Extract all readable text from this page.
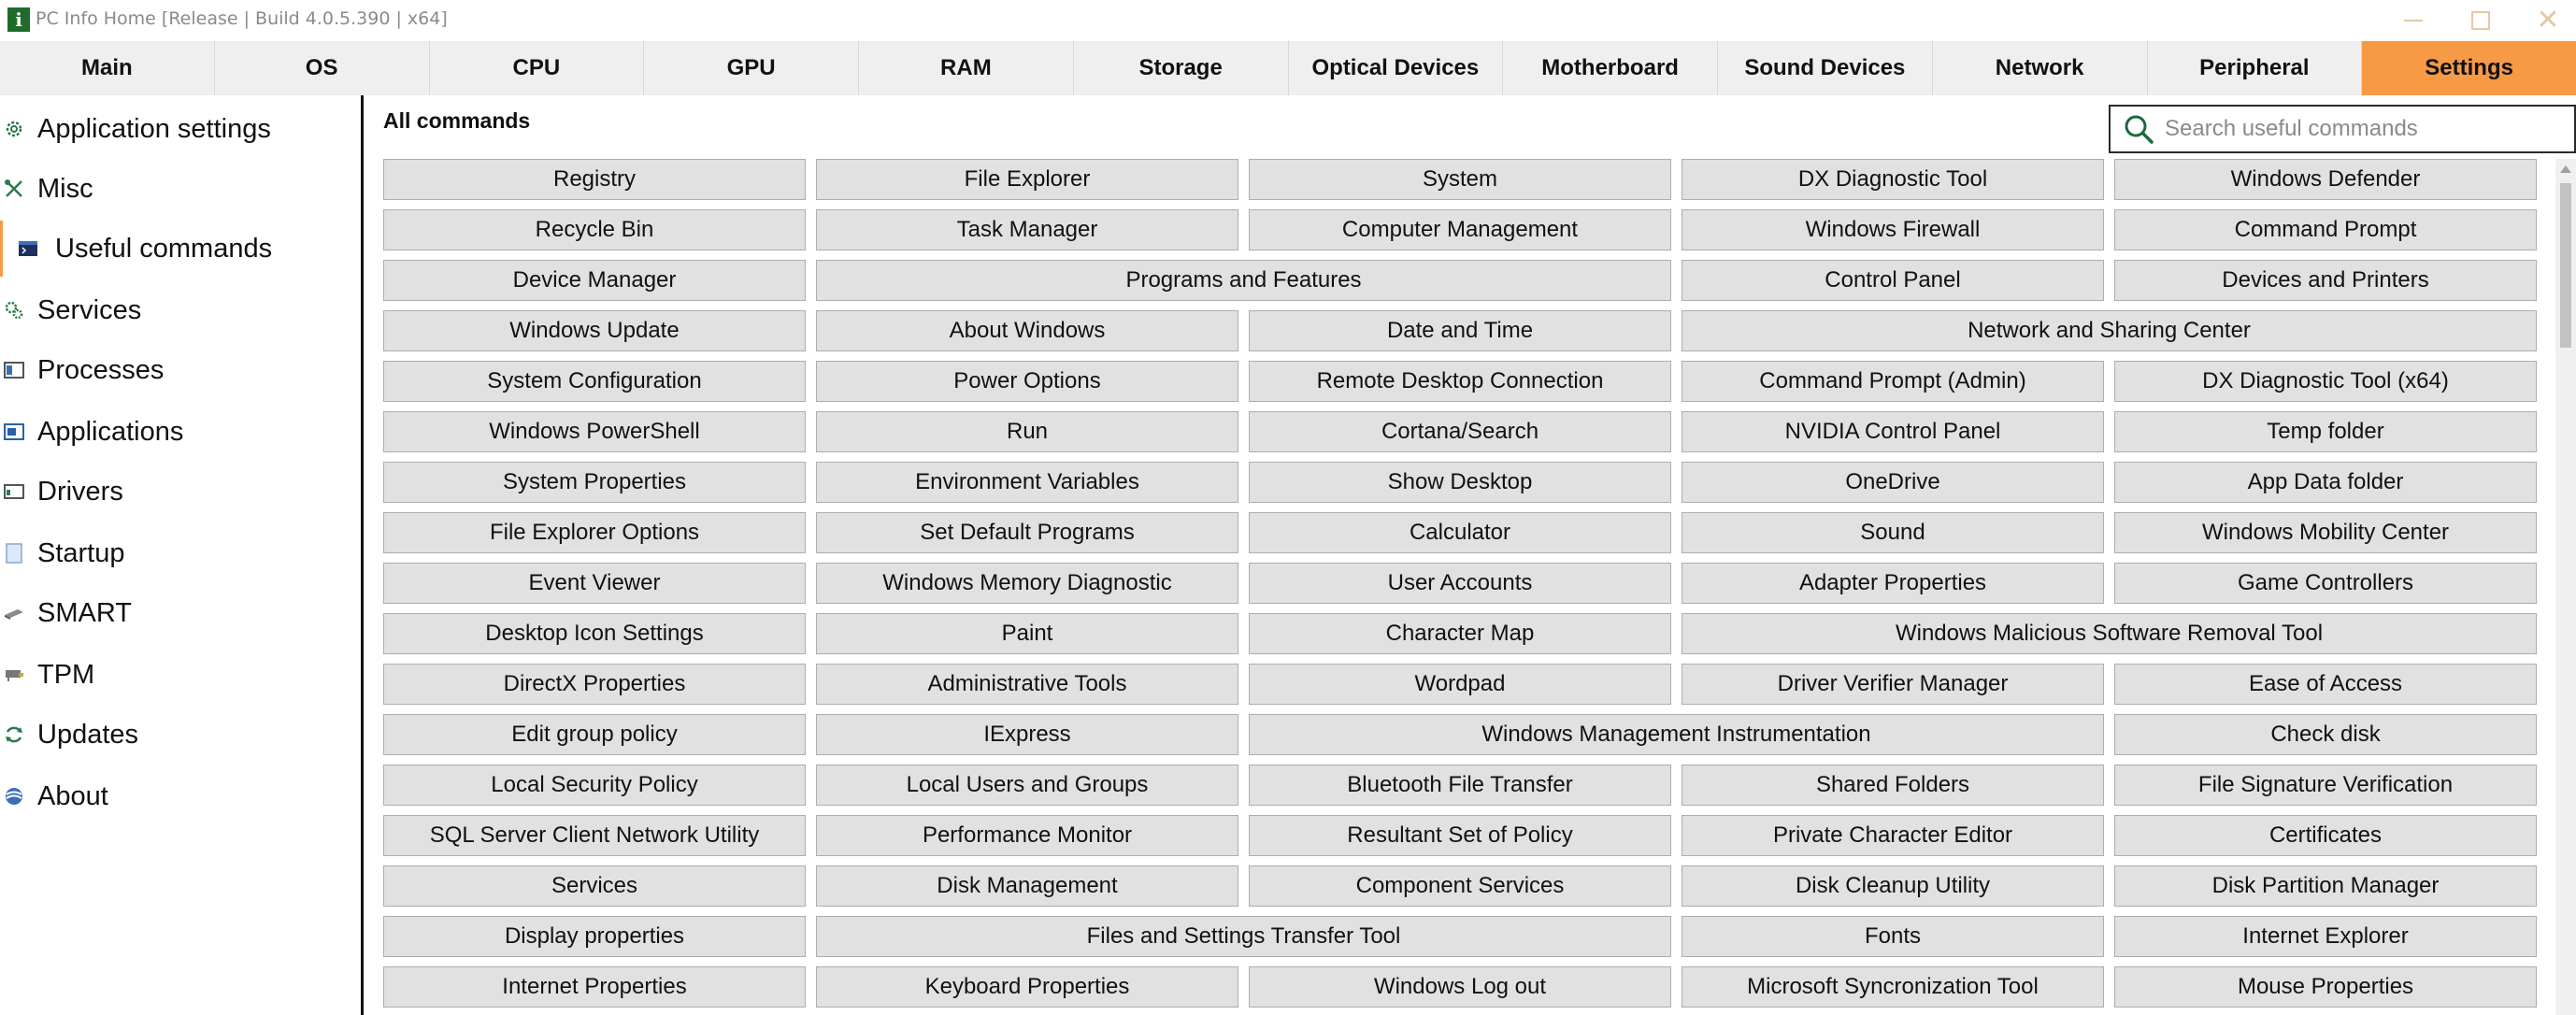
i PC Info Home [Release | Build 4.0.5.390 | x64]	✕
Main	OS	CPU	GPU	RAM	Storage	Optical Devices	Motherboard	Sound Devices	Network	Peripheral	Settings
Application settings
Misc
Useful commands
Services
Processes
Applications
Drivers
Startup
SMART
TPM
Updates
About
All commands
Search useful commands
Registry	File Explorer	System	DX Diagnostic Tool	Windows Defender
Recycle Bin	Task Manager	Computer Management	Windows Firewall	Command Prompt
Device Manager	Programs and Features	Control Panel	Devices and Printers
Windows Update	About Windows	Date and Time	Network and Sharing Center
System Configuration	Power Options	Remote Desktop Connection	Command Prompt (Admin)	DX Diagnostic Tool (x64)
Windows PowerShell	Run	Cortana/Search	NVIDIA Control Panel	Temp folder
System Properties	Environment Variables	Show Desktop	OneDrive	App Data folder
File Explorer Options	Set Default Programs	Calculator	Sound	Windows Mobility Center
Event Viewer	Windows Memory Diagnostic	User Accounts	Adapter Properties	Game Controllers
Desktop Icon Settings	Paint	Character Map	Windows Malicious Software Removal Tool
DirectX Properties	Administrative Tools	Wordpad	Driver Verifier Manager	Ease of Access
Edit group policy	IExpress	Windows Management Instrumentation	Check disk
Local Security Policy	Local Users and Groups	Bluetooth File Transfer	Shared Folders	File Signature Verification
SQL Server Client Network Utility	Performance Monitor	Resultant Set of Policy	Private Character Editor	Certificates
Services	Disk Management	Component Services	Disk Cleanup Utility	Disk Partition Manager
Display properties	Files and Settings Transfer Tool	Fonts	Internet Explorer
Internet Properties	Keyboard Properties	Windows Log out	Microsoft Syncronization Tool	Mouse Properties
